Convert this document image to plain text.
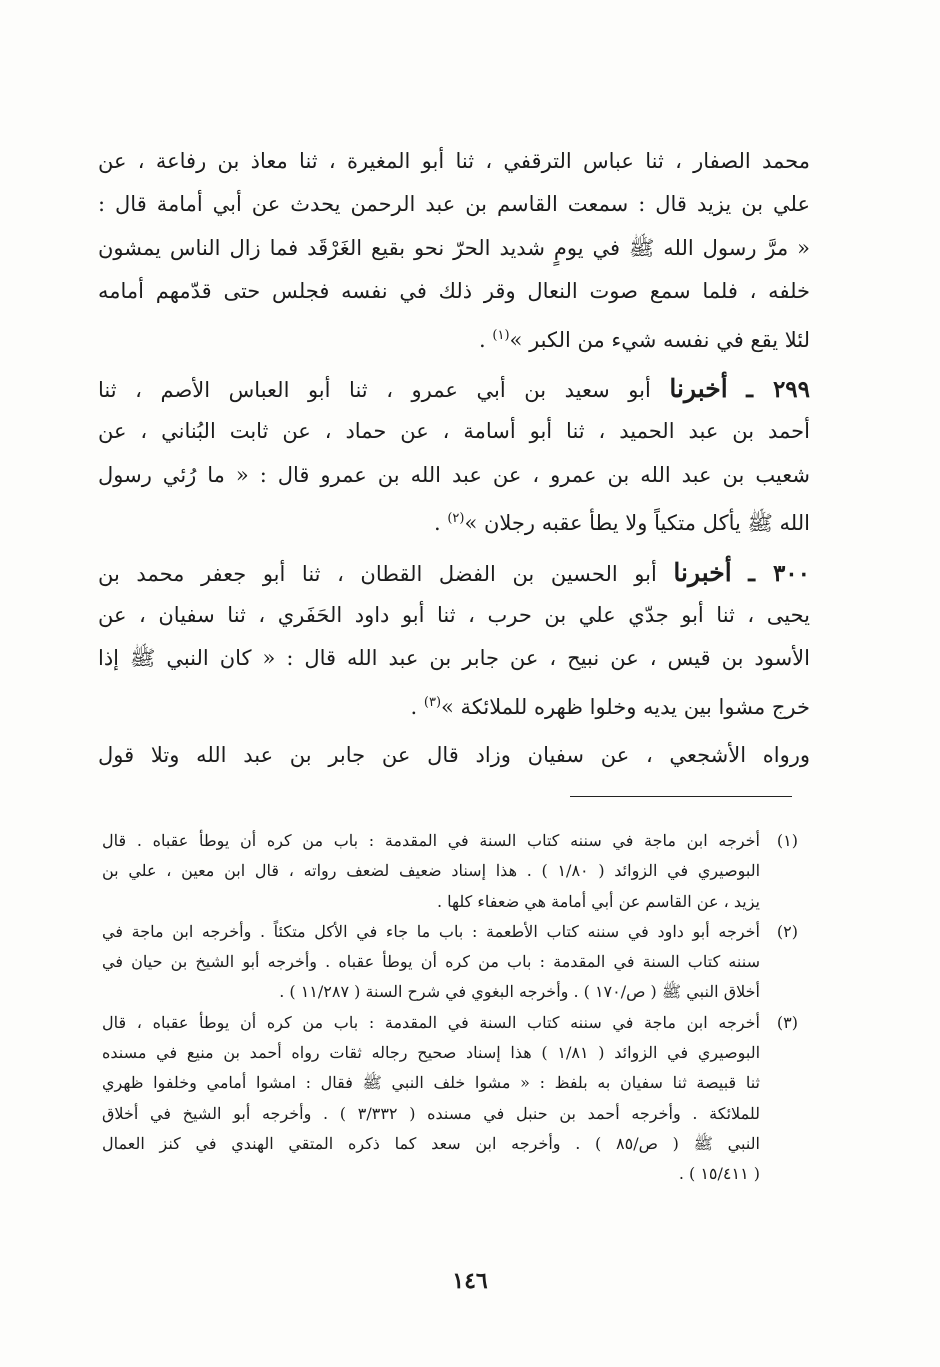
محمد الصفار ، ثنا عباس الترقفي ، ثنا أبو المغيرة ، ثنا معاذ بن رفاعة ، عن
علي بن يزيد قال : سمعت القاسم بن عبد الرحمن يحدث عن أبي أمامة قال :
« مرَّ رسول الله ﷺ في يومٍ شديد الحرّ نحو بقيع الغَرْقَد فما زال الناس يمشون
خلفه ، فلما سمع صوت النعال وقر ذلك في نفسه فجلس حتى قدّمهم أمامه
لئلا يقع في نفسه شيء من الكبر »$^{(١)}$ .
٢٩٩ ـ أخبرنا أبو سعيد بن أبي عمرو ، ثنا أبو العباس الأصم ، ثنا
أحمد بن عبد الحميد ، ثنا أبو أسامة ، عن حماد ، عن ثابت البُناني ، عن
شعيب بن عبد الله بن عمرو ، عن عبد الله بن عمرو قال : « ما رُئي رسول
الله ﷺ يأكل متكياً ولا يطأ عقبه رجلان »$^{(٢)}$ .
٣٠٠ ـ أخبرنا أبو الحسين بن الفضل القطان ، ثنا أبو جعفر محمد بن
يحيى ، ثنا أبو جدّي علي بن حرب ، ثنا أبو داود الحَفَري ، ثنا سفيان ، عن
الأسود بن قيس ، عن نبيح ، عن جابر بن عبد الله قال : « كان النبي ﷺ إذا
خرج مشوا بين يديه وخلوا ظهره للملائكة »$^{(٣)}$ .
ورواه الأشجعي ، عن سفيان وزاد قال عن جابر بن عبد الله وتلا قول
(١)
أخرجه ابن ماجة في سننه كتاب السنة في المقدمة : باب من كره أن يوطأ عقباه . قال
البوصيري في الزوائد ( ١/٨٠ ) . هذا إسناد ضعيف لضعف رواته ، قال ابن معين ، علي بن
يزيد ، عن القاسم عن أبي أمامة هي ضعفاء كلها .
(٢)
أخرجه أبو داود في سننه كتاب الأطعمة : باب ما جاء في الأكل متكئاً . وأخرجه ابن ماجة في
سننه كتاب السنة في المقدمة : باب من كره أن يوطأ عقباه . وأخرجه أبو الشيخ بن حيان في
أخلاق النبي ﷺ ( ص/١٧٠ ) . وأخرجه البغوي في شرح السنة ( ١١/٢٨٧ ) .
(٣)
أخرجه ابن ماجة في سننه كتاب السنة في المقدمة : باب من كره أن يوطأ عقباه ، قال
البوصيري في الزوائد ( ١/٨١ ) هذا إسناد صحيح رجاله ثقات رواه أحمد بن منيع في مسنده
ثنا قبيصة ثنا سفيان به بلفظ : « مشوا خلف النبي ﷺ فقال : امشوا أمامي وخلفوا ظهري
للملائكة . وأخرجه أحمد بن حنبل في مسنده ( ٣/٣٣٢ ) . وأخرجه أبو الشيخ في أخلاق
النبي ﷺ ( ص/٨٥ ) . وأخرجه ابن سعد كما ذكره المتقي الهندي في كنز العمال
( ١٥/٤١١ ) .
١٤٦
